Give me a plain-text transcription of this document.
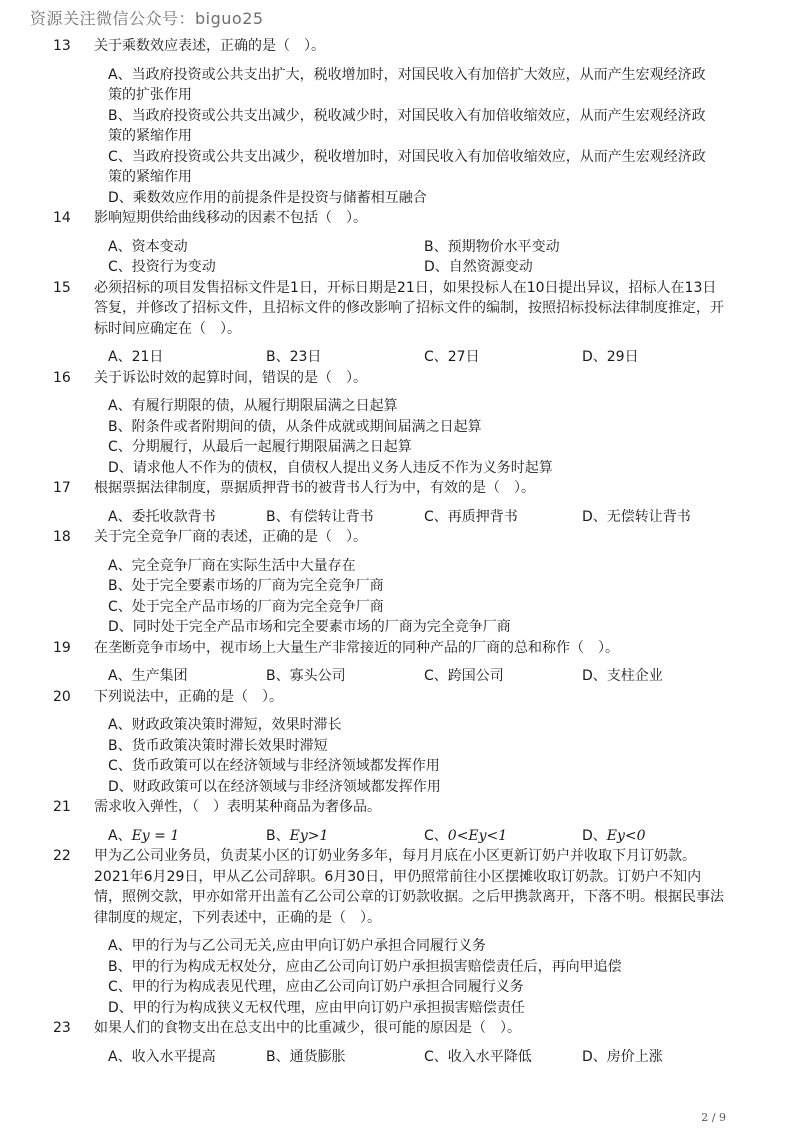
资源关注微信公众号：biguo25
13	关于乘数效应表述，正确的是（　）。
A、当政府投资或公共支出扩大，税收增加时，对国民收入有加倍扩大效应，从而产生宏观经济政策的扩张作用
B、当政府投资或公共支出减少，税收减少时，对国民收入有加倍收缩效应，从而产生宏观经济政策的紧缩作用
C、当政府投资或公共支出减少，税收增加时，对国民收入有加倍收缩效应，从而产生宏观经济政策的紧缩作用
D、乘数效应作用的前提条件是投资与储蓄相互融合
14	影响短期供给曲线移动的因素不包括（　）。
A、资本变动	B、预期物价水平变动
C、投资行为变动	D、自然资源变动
15	必须招标的项目发售招标文件是1日，开标日期是21日，如果投标人在10日提出异议，招标人在13日答复，并修改了招标文件，且招标文件的修改影响了招标文件的编制，按照招标投标法律制度推定，开标时间应确定在（　）。
A、21日	B、23日	C、27日	D、29日
16	关于诉讼时效的起算时间，错误的是（　）。
A、有履行期限的债，从履行期限届满之日起算
B、附条件或者附期间的债，从条件成就或期间届满之日起算
C、分期履行，从最后一起履行期限届满之日起算
D、请求他人不作为的债权，自债权人提出义务人违反不作为义务时起算
17	根据票据法律制度，票据质押背书的被背书人行为中，有效的是（　）。
A、委托收款背书	B、有偿转让背书	C、再质押背书	D、无偿转让背书
18	关于完全竞争厂商的表述，正确的是（　）。
A、完全竞争厂商在实际生活中大量存在
B、处于完全要素市场的厂商为完全竞争厂商
C、处于完全产品市场的厂商为完全竞争厂商
D、同时处于完全产品市场和完全要素市场的厂商为完全竞争厂商
19	在垄断竞争市场中，视市场上大量生产非常接近的同种产品的厂商的总和称作（　）。
A、生产集团	B、寡头公司	C、跨国公司	D、支柱企业
20	下列说法中，正确的是（　）。
A、财政政策决策时滞短，效果时滞长
B、货币政策决策时滞长效果时滞短
C、货币政策可以在经济领域与非经济领域都发挥作用
D、财政政策可以在经济领域与非经济领域都发挥作用
21	需求收入弹性，（　）表明某种商品为奢侈品。
A、Ey = 1	B、Ey>1	C、0<Ey<1	D、Ey<0
22	甲为乙公司业务员，负责某小区的订奶业务多年，每月月底在小区更新订奶户并收取下月订奶款。2021年6月29日，甲从乙公司辞职。6月30日，甲仍照常前往小区摆摊收取订奶款。订奶户不知内情，照例交款，甲亦如常开出盖有乙公司公章的订奶款收据。之后甲携款离开，下落不明。根据民事法律制度的规定，下列表述中，正确的是（　）。
A、甲的行为与乙公司无关,应由甲向订奶户承担合同履行义务
B、甲的行为构成无权处分，应由乙公司向订奶户承担损害赔偿责任后，再向甲追偿
C、甲的行为构成表见代理，应由乙公司向订奶户承担合同履行义务
D、甲的行为构成狭义无权代理，应由甲向订奶户承担损害赔偿责任
23	如果人们的食物支出在总支出中的比重减少，很可能的原因是（　）。
A、收入水平提高	B、通货膨胀	C、收入水平降低	D、房价上涨
2 / 9
